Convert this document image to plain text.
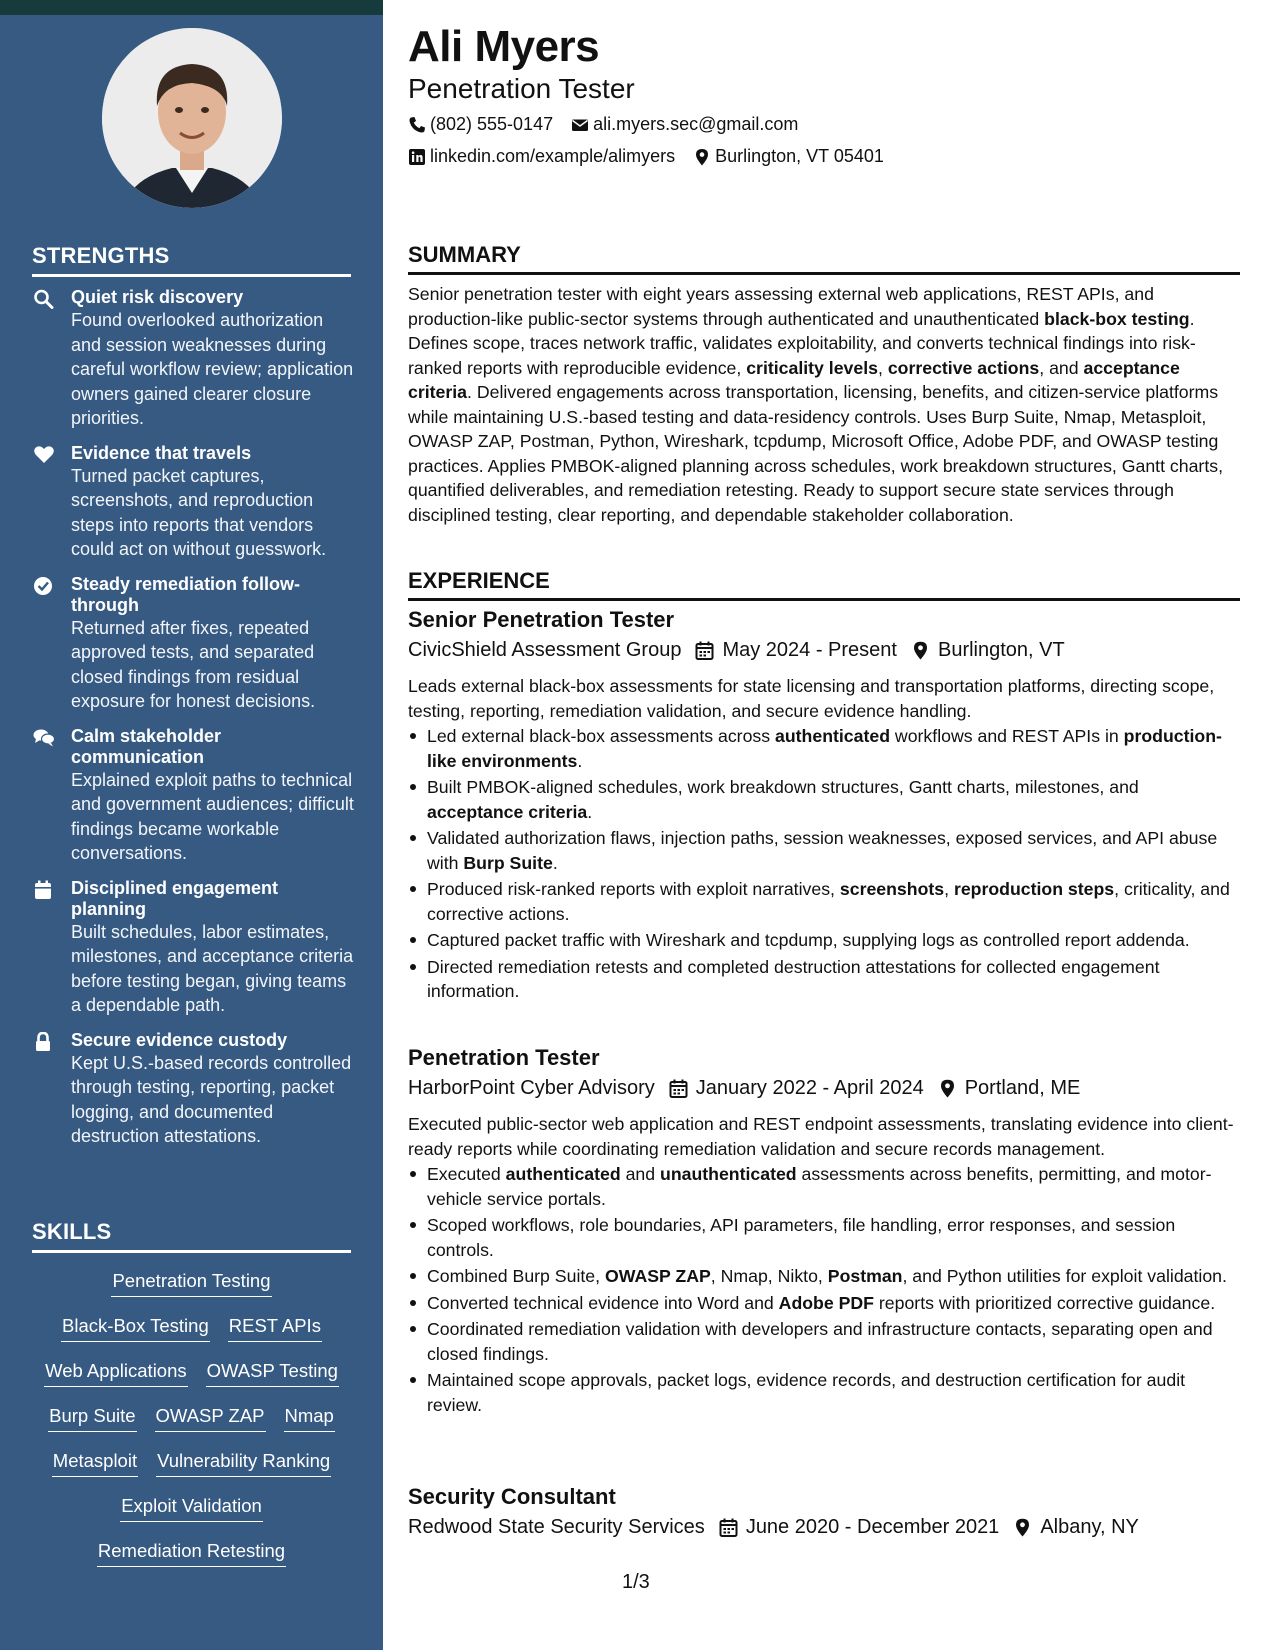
STRENGTHS
Quiet risk discovery
Found overlooked authorization and session weaknesses during careful workflow review; application owners gained clearer closure priorities.
Evidence that travels
Turned packet captures, screenshots, and reproduction steps into reports that vendors could act on without guesswork.
Steady remediation follow-through
Returned after fixes, repeated approved tests, and separated closed findings from residual exposure for honest decisions.
Calm stakeholder communication
Explained exploit paths to technical and government audiences; difficult findings became workable conversations.
Disciplined engagement planning
Built schedules, labor estimates, milestones, and acceptance criteria before testing began, giving teams a dependable path.
Secure evidence custody
Kept U.S.-based records controlled through testing, reporting, packet logging, and documented destruction attestations.
SKILLS
Penetration Testing
Black-Box Testing REST APIs
Web Applications OWASP Testing
Burp Suite OWASP ZAP Nmap
Metasploit Vulnerability Ranking
Exploit Validation
Remediation Retesting
Ali Myers
Penetration Tester
(802) 555-0147 ali.myers.sec@gmail.com
linkedin.com/example/alimyers Burlington, VT 05401
SUMMARY
Senior penetration tester with eight years assessing external web applications, REST APIs, and production-like public-sector systems through authenticated and unauthenticated black-box testing. Defines scope, traces network traffic, validates exploitability, and converts technical findings into risk-ranked reports with reproducible evidence, criticality levels, corrective actions, and acceptance criteria. Delivered engagements across transportation, licensing, benefits, and citizen-service platforms while maintaining U.S.-based testing and data-residency controls. Uses Burp Suite, Nmap, Metasploit, OWASP ZAP, Postman, Python, Wireshark, tcpdump, Microsoft Office, Adobe PDF, and OWASP testing practices. Applies PMBOK-aligned planning across schedules, work breakdown structures, Gantt charts, quantified deliverables, and remediation retesting. Ready to support secure state services through disciplined testing, clear reporting, and dependable stakeholder collaboration.
EXPERIENCE
Senior Penetration Tester
CivicShield Assessment Group May 2024 - Present Burlington, VT
Leads external black-box assessments for state licensing and transportation platforms, directing scope, testing, reporting, remediation validation, and secure evidence handling.
Led external black-box assessments across authenticated workflows and REST APIs in production-like environments.
Built PMBOK-aligned schedules, work breakdown structures, Gantt charts, milestones, and acceptance criteria.
Validated authorization flaws, injection paths, session weaknesses, exposed services, and API abuse with Burp Suite.
Produced risk-ranked reports with exploit narratives, screenshots, reproduction steps, criticality, and corrective actions.
Captured packet traffic with Wireshark and tcpdump, supplying logs as controlled report addenda.
Directed remediation retests and completed destruction attestations for collected engagement information.
Penetration Tester
HarborPoint Cyber Advisory January 2022 - April 2024 Portland, ME
Executed public-sector web application and REST endpoint assessments, translating evidence into client-ready reports while coordinating remediation validation and secure records management.
Executed authenticated and unauthenticated assessments across benefits, permitting, and motor-vehicle service portals.
Scoped workflows, role boundaries, API parameters, file handling, error responses, and session controls.
Combined Burp Suite, OWASP ZAP, Nmap, Nikto, Postman, and Python utilities for exploit validation.
Converted technical evidence into Word and Adobe PDF reports with prioritized corrective guidance.
Coordinated remediation validation with developers and infrastructure contacts, separating open and closed findings.
Maintained scope approvals, packet logs, evidence records, and destruction certification for audit review.
Security Consultant
Redwood State Security Services June 2020 - December 2021 Albany, NY
1/3
